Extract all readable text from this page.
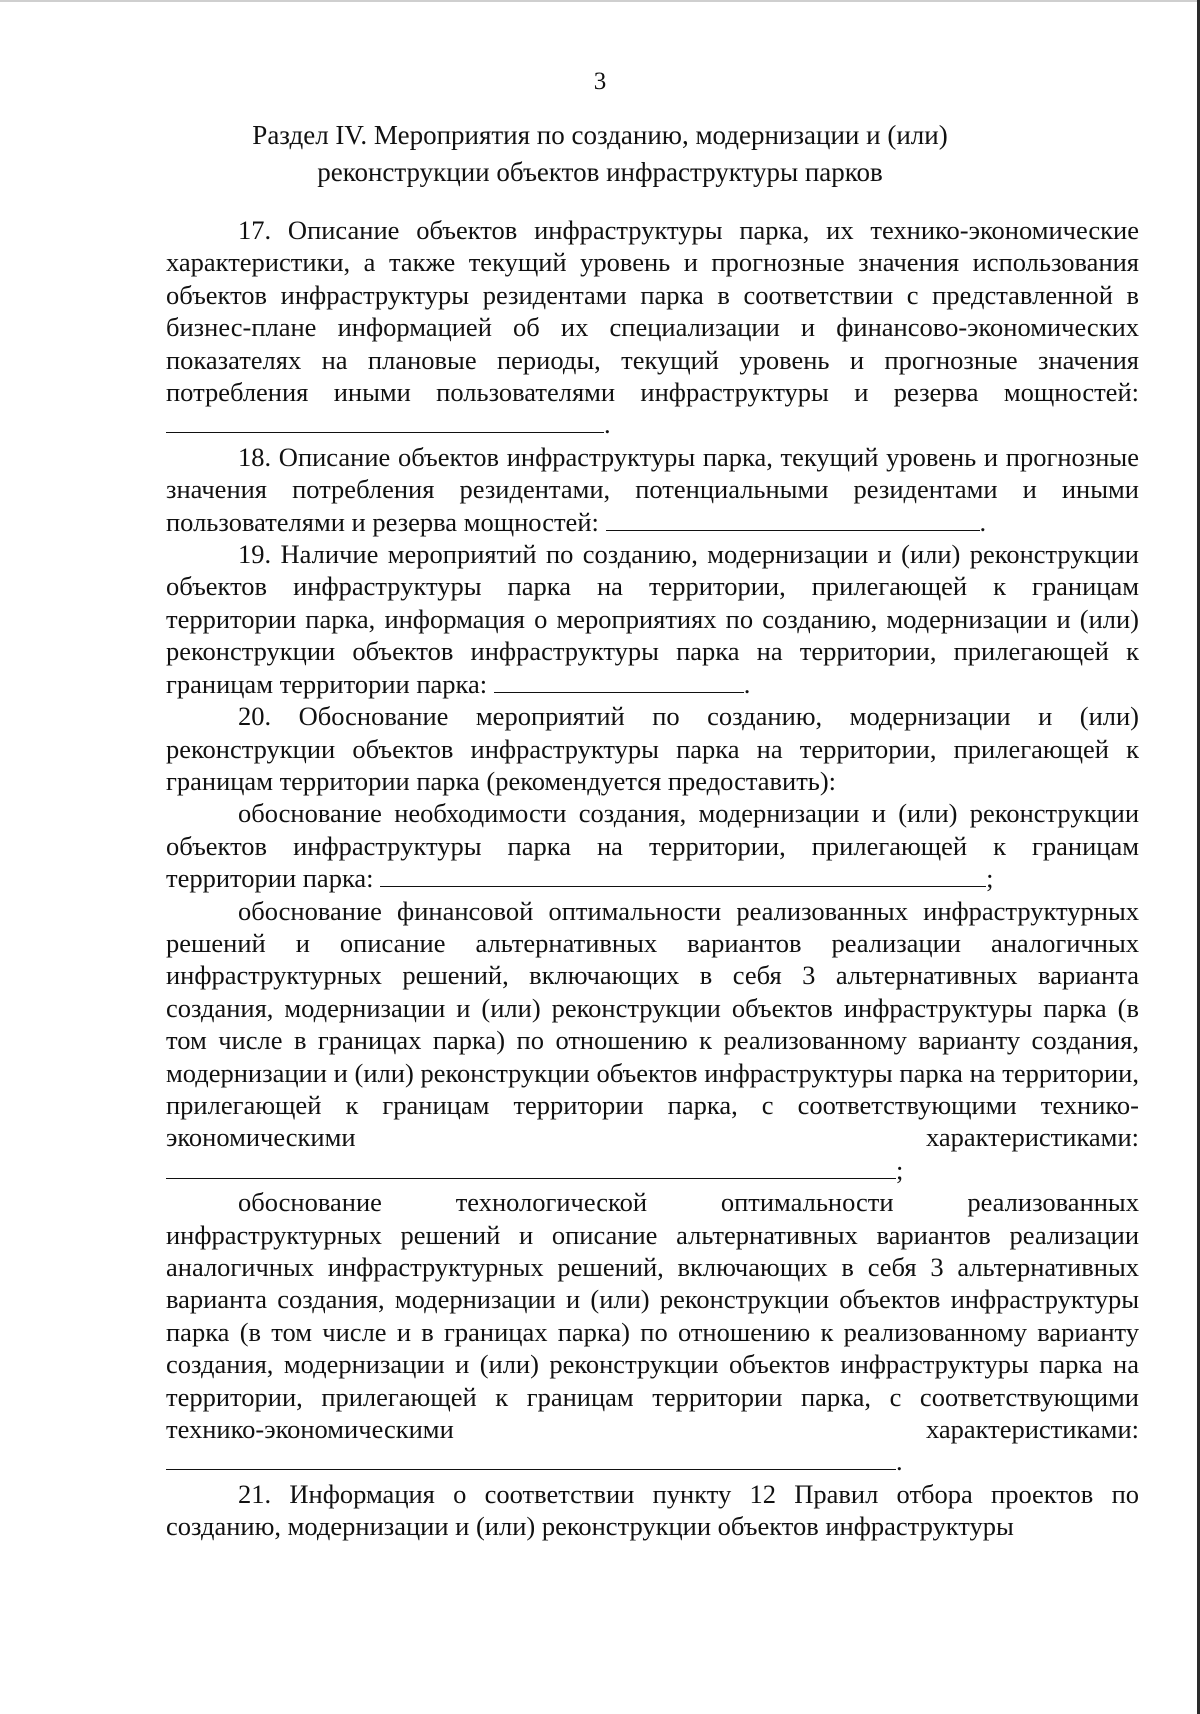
3
Раздел IV. Мероприятия по созданию, модернизации и (или)
реконструкции объектов инфраструктуры парков

17. Описание объектов инфраструктуры парка, их технико-экономические характеристики, а также текущий уровень и прогнозные значения использования объектов инфраструктуры резидентами парка в соответствии с представленной в бизнес-плане информацией об их специализации и финансово-экономических показателях на плановые периоды, текущий уровень и прогнозные значения потребления иными пользователями инфраструктуры и резерва мощностей: .

18. Описание объектов инфраструктуры парка, текущий уровень и прогнозные значения потребления резидентами, потенциальными резидентами и иными пользователями и резерва мощностей:	.

19. Наличие мероприятий по созданию, модернизации и (или) реконструкции объектов инфраструктуры парка на территории, прилегающей к границам территории парка, информация о мероприятиях по созданию, модернизации и (или) реконструкции объектов инфраструктуры парка на территории, прилегающей к границам территории парка:	.

20. Обоснование мероприятий по созданию, модернизации и (или) реконструкции объектов инфраструктуры парка на территории, прилегающей к границам территории парка (рекомендуется предоставить):

обоснование необходимости создания, модернизации и (или) реконструкции объектов инфраструктуры парка на территории, прилегающей к границам территории парка:	;

обоснование финансовой оптимальности реализованных инфраструктурных решений и описание альтернативных вариантов реализации аналогичных инфраструктурных решений, включающих в себя 3 альтернативных варианта создания, модернизации и (или) реконструкции объектов инфраструктуры парка (в том числе в границах парка) по отношению к реализованному варианту создания, модернизации и (или) реконструкции объектов инфраструктуры парка на территории, прилегающей к границам территории парка, с соответствующими технико-экономическими характеристиками: ;

обоснование технологической оптимальности реализованных инфраструктурных решений и описание альтернативных вариантов реализации аналогичных инфраструктурных решений, включающих в себя 3 альтернативных варианта создания, модернизации и (или) реконструкции объектов инфраструктуры парка (в том числе и в границах парка) по отношению к реализованному варианту создания, модернизации и (или) реконструкции объектов инфраструктуры парка на территории, прилегающей к границам территории парка, с соответствующими технико-экономическими характеристиками: .

21. Информация о соответствии пункту 12 Правил отбора проектов по созданию, модернизации и (или) реконструкции объектов инфраструктуры
